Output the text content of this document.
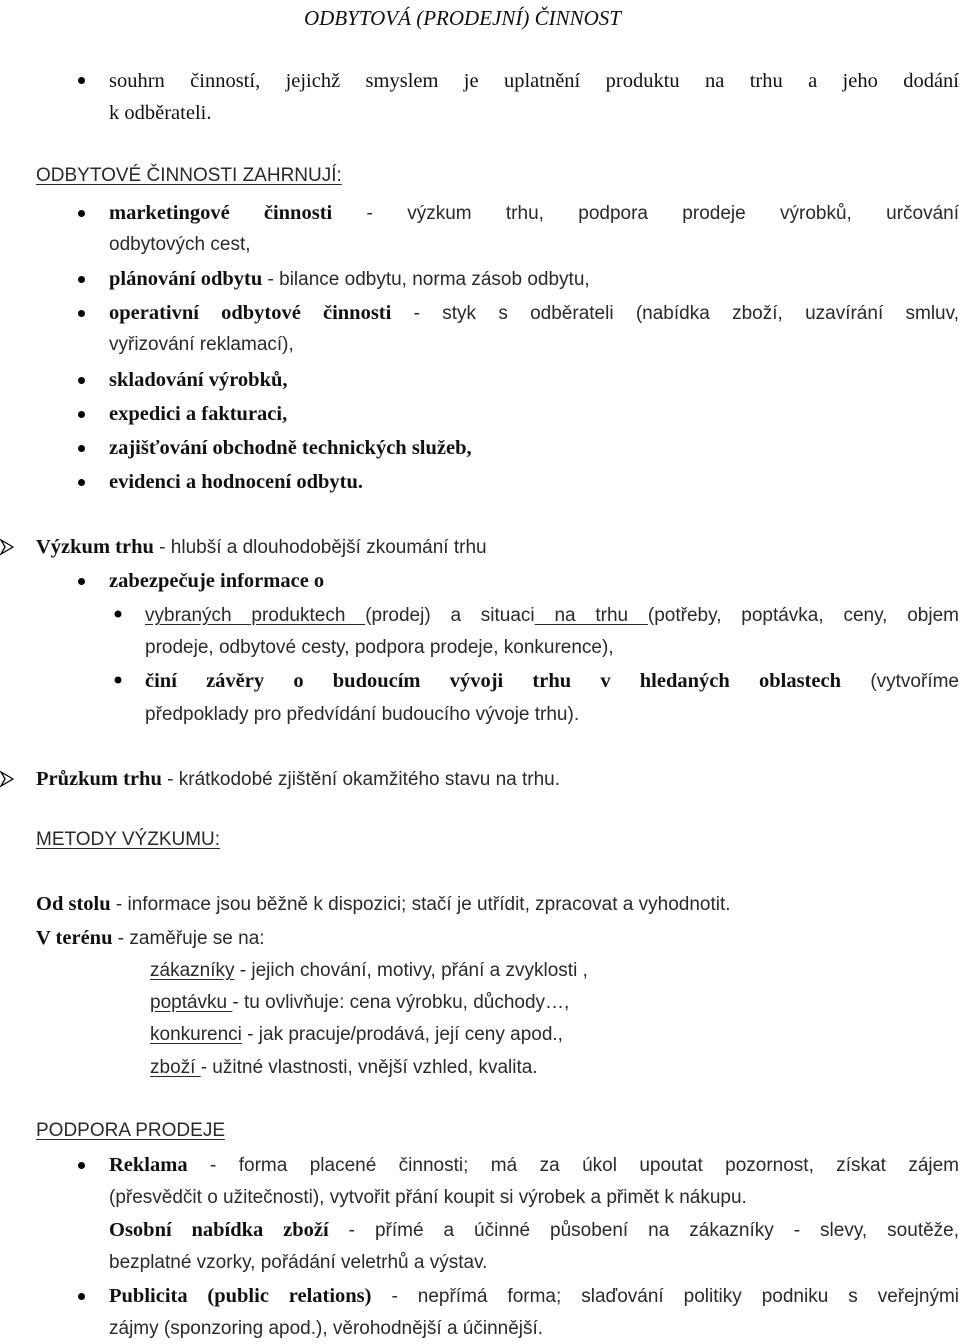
ODBYTOVÁ (PRODEJNÍ) ČINNOST
souhrn činností, jejichž smyslem je uplatnění produktu na trhu a jeho dodání
k odběrateli.
ODBYTOVÉ ČINNOSTI ZAHRNUJÍ:
marketingové činnosti - výzkum trhu, podpora prodeje výrobků, určování
odbytových cest,
plánování odbytu - bilance odbytu, norma zásob odbytu,
operativní odbytové činnosti - styk s odběrateli (nabídka zboží, uzavírání smluv,
vyřizování reklamací),
skladování výrobků,
expedici a fakturaci,
zajišťování obchodně technických služeb,
evidenci a hodnocení odbytu.
Výzkum trhu - hlubší a dlouhodobější zkoumání trhu
zabezpečuje informace o
vybraných produktech (prodej) a situaci na trhu (potřeby, poptávka, ceny, objem
prodeje, odbytové cesty, podpora prodeje, konkurence),
činí závěry o budoucím vývoji trhu v hledaných oblastech (vytvoříme
předpoklady pro předvídání budoucího vývoje trhu).
Průzkum trhu - krátkodobé zjištění okamžitého stavu na trhu.
METODY VÝZKUMU:
Od stolu - informace jsou běžně k dispozici; stačí je utřídit, zpracovat a vyhodnotit.
V terénu - zaměřuje se na:
zákazníky - jejich chování, motivy, přání a zvyklosti ,
poptávku - tu ovlivňuje: cena výrobku, důchody…,
konkurenci - jak pracuje/prodává, její ceny apod.,
zboží - užitné vlastnosti, vnější vzhled, kvalita.
PODPORA PRODEJE
Reklama - forma placené činnosti; má za úkol upoutat pozornost, získat zájem
(přesvědčit o užitečnosti), vytvořit přání koupit si výrobek a přimět k nákupu.
Osobní nabídka zboží - přímé a účinné působení na zákazníky - slevy, soutěže,
bezplatné vzorky, pořádání veletrhů a výstav.
Publicita (public relations) - nepřímá forma; slaďování politiky podniku s veřejnými
zájmy (sponzoring apod.), věrohodnější a účinnější.
